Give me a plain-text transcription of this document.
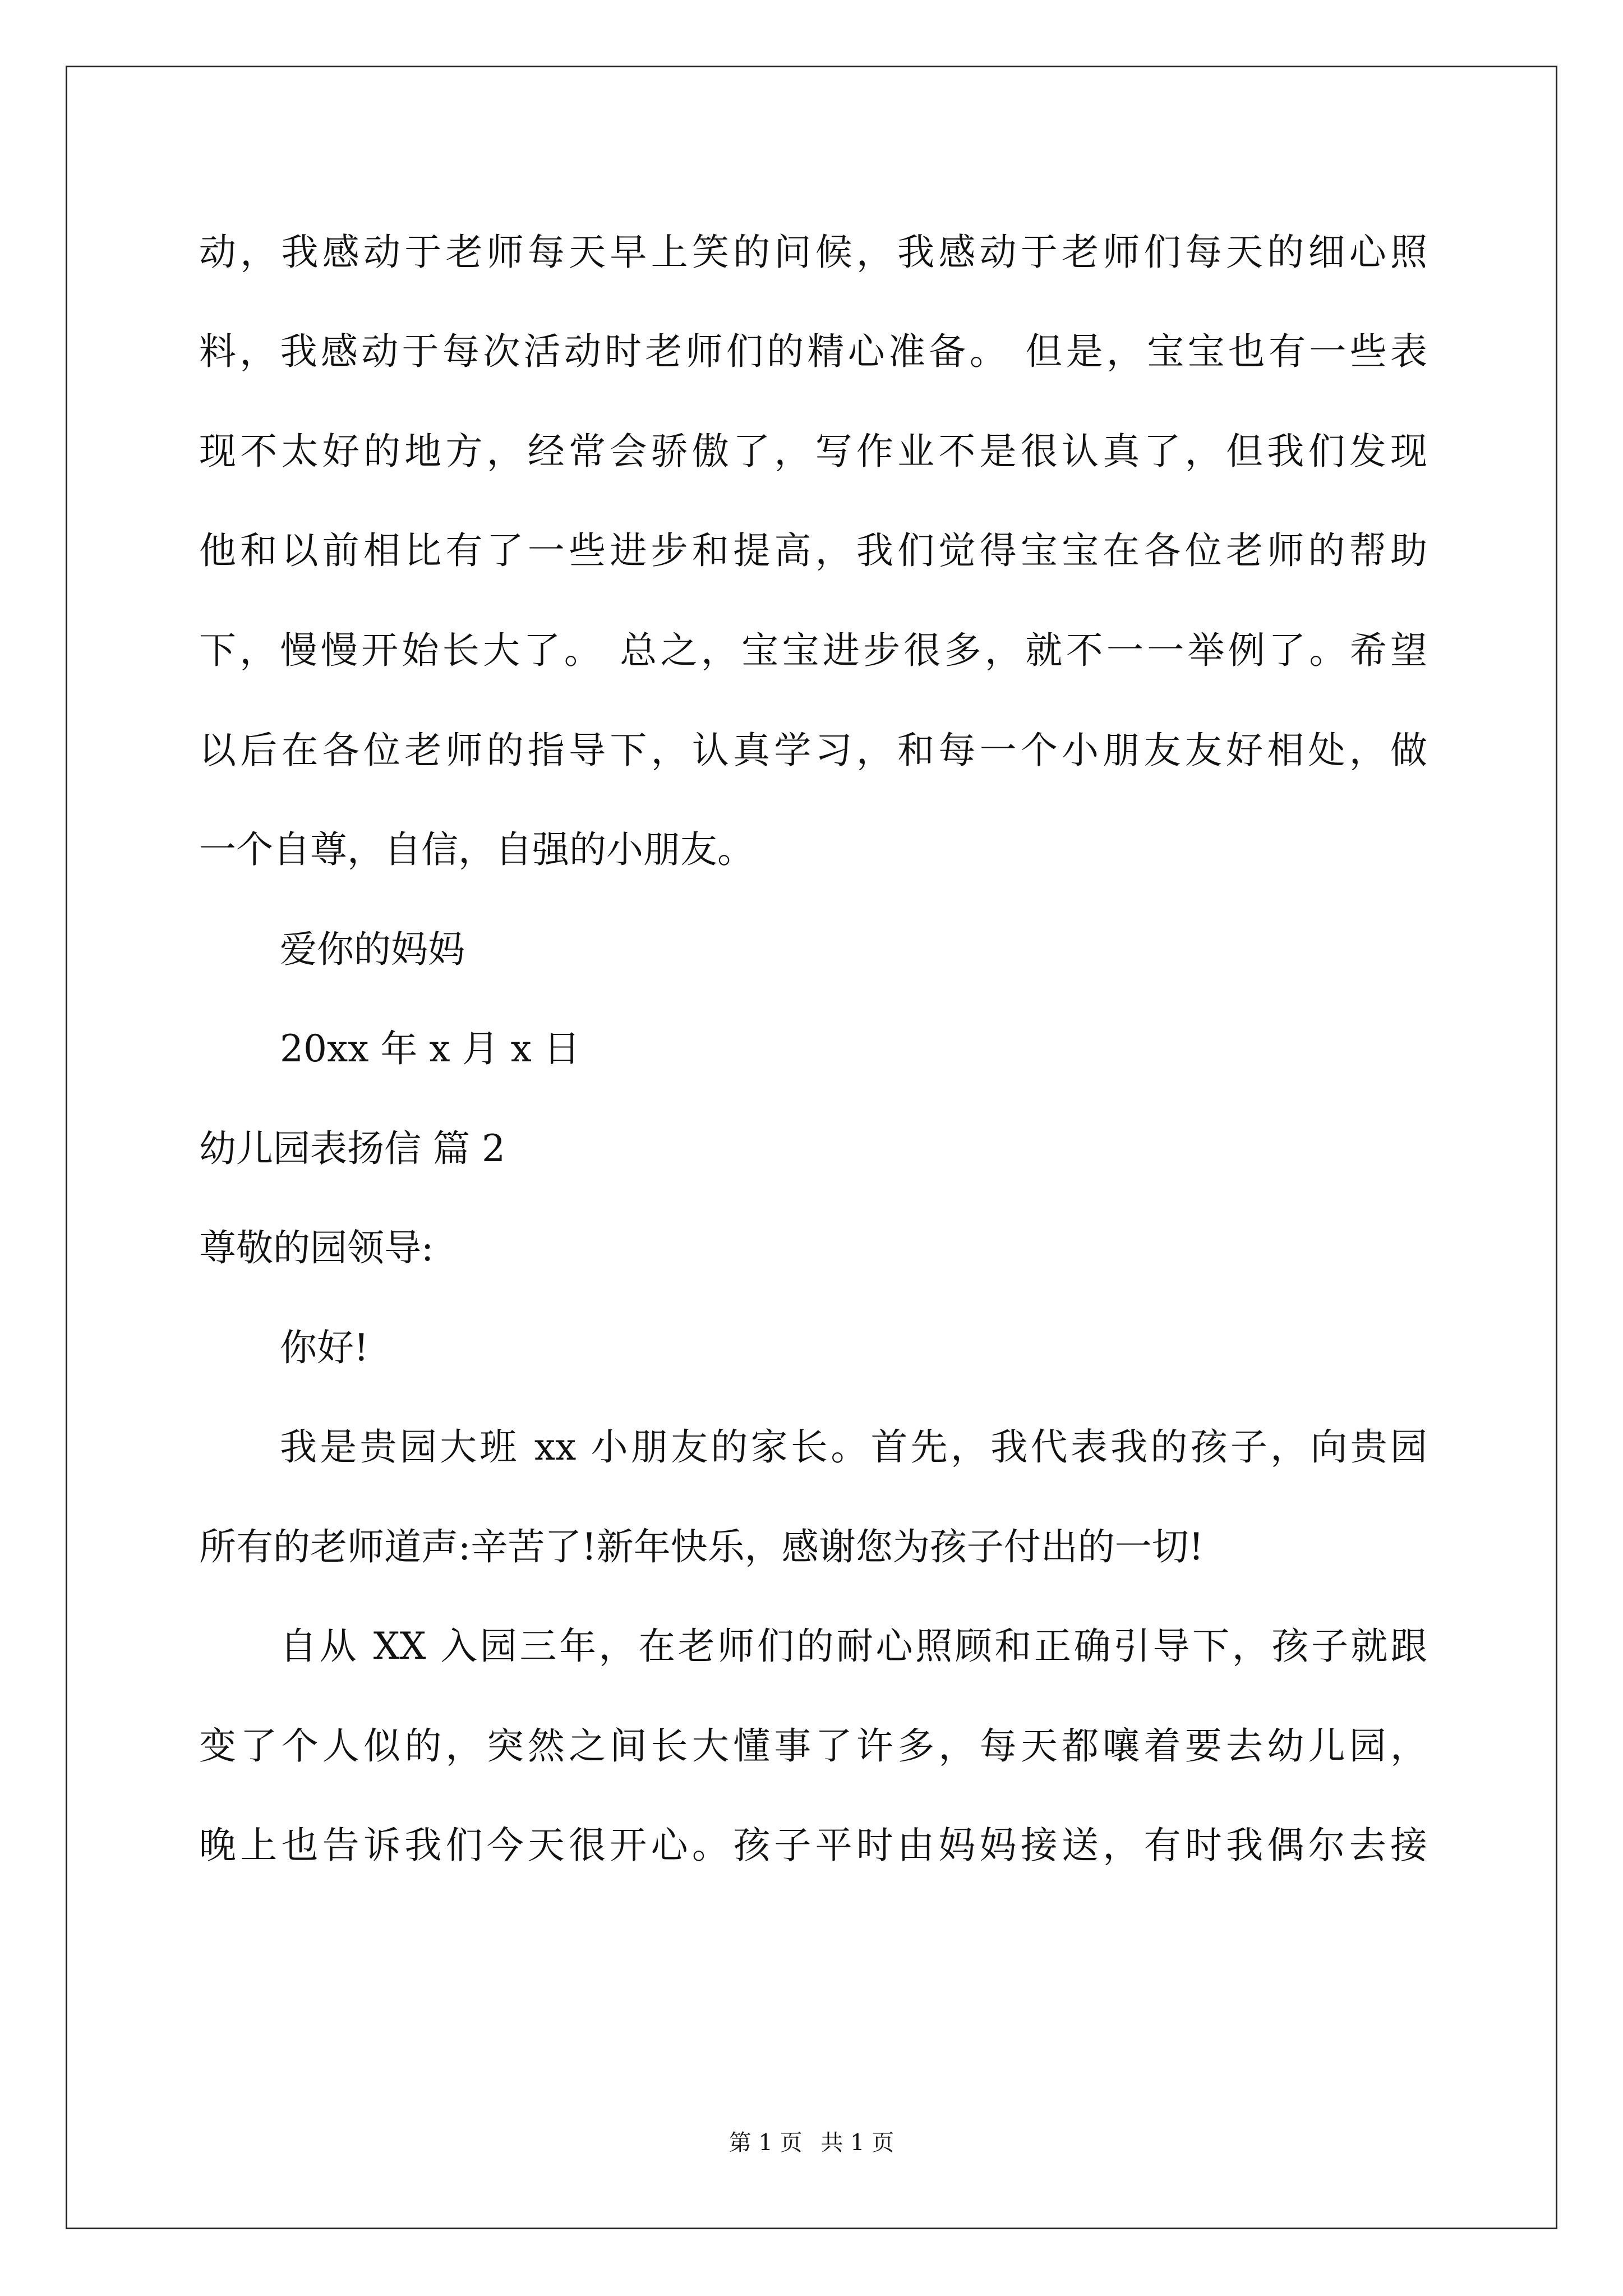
动，我感动于老师每天早上笑的问候，我感动于老师们每天的细心照
料，我感动于每次活动时老师们的精心准备。 但是，宝宝也有一些表
现不太好的地方，经常会骄傲了，写作业不是很认真了，但我们发现
他和以前相比有了一些进步和提高，我们觉得宝宝在各位老师的帮助
下，慢慢开始长大了。 总之，宝宝进步很多，就不一一举例了。希望
以后在各位老师的指导下，认真学习，和每一个小朋友友好相处，做
一个自尊，自信，自强的小朋友。
爱你的妈妈
20xx 年 x 月 x 日
幼儿园表扬信 篇 2
尊敬的园领导:
你好!
我是贵园大班 xx 小朋友的家长。首先，我代表我的孩子，向贵园
所有的老师道声:辛苦了!新年快乐，感谢您为孩子付出的一切!
自从 XX 入园三年，在老师们的耐心照顾和正确引导下，孩子就跟
变了个人似的，突然之间长大懂事了许多，每天都嚷着要去幼儿园，
晚上也告诉我们今天很开心。孩子平时由妈妈接送，有时我偶尔去接
第 1 页 共 1 页
